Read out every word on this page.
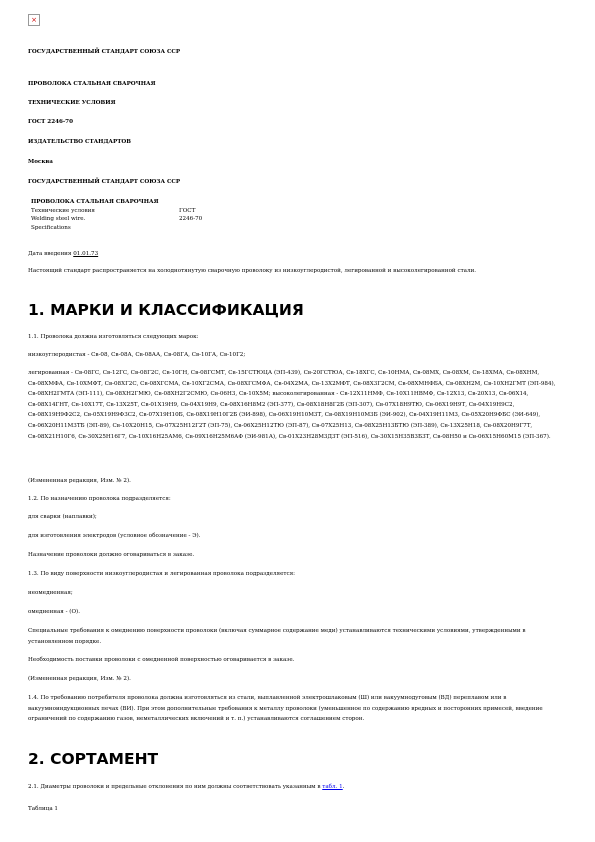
×
ГОСУДАРСТВЕННЫЙ СТАНДАРТ СОЮЗА ССР
ПРОВОЛОКА СТАЛЬНАЯ СВАРОЧНАЯ
ТЕХНИЧЕСКИЕ УСЛОВИЯ
ГОСТ 2246-70
ИЗДАТЕЛЬСТВО СТАНДАРТОВ
Москва
ГОСУДАРСТВЕННЫЙ СТАНДАРТ СОЮЗА ССР
ПРОВОЛОКА СТАЛЬНАЯ СВАРОЧНАЯ	
Технические условия	ГОСТ
Welding steel wire.	2246-70
Specifications	
Дата введения 01.01.73
Настоящий стандарт распространяется на холоднотянутую сварочную проволоку из низкоуглеродистой, легированной и высоколегированной стали.
1. МАРКИ И КЛАССИФИКАЦИЯ
1.1. Проволока должна изготовляться следующих марок:
низкоуглеродистая - Св-08, Св-08А, Св-08АА, Св-08ГА, Св-10ГА, Св-10Г2;
легированная - Св-08ГС, Св-12ГС, Св-08Г2С, Св-10ГН, Св-08ГСМТ, Св-15ГСТЮЦА (ЭП-439), Св-20ГСТЮА, Св-18ХГС, Св-10НМА, Св-08МХ, Св-08ХМ, Св-18ХМА, Св-08ХНМ, Св-08ХМФА, Св-10ХМФТ, Св-08ХГ2С, Св-08ХГСМА, Св-10ХГ2СМА, Св-08ХГСМФА, Св-04Х2МА, Св-13Х2МФТ, Св-08Х3Г2СМ, Св-08ХМНФБА, Св-08ХН2М, Св-10ХН2ГМТ (ЭП-984), Св-08ХН2ГМТА (ЭП-111), Св-08ХН2ГМЮ, Св-08ХН2Г2СМЮ, Св-06Н3, Св-10Х5М; высоколегированная - Св-12Х11НМФ, Св-10Х11НВМФ, Св-12Х13, Св-20Х13, Св-06Х14, Св-08Х14ГНТ, Св-10Х17Т, Св-13Х25Т, Св-01Х19Н9, Св-04Х19Н9, Св-08Х16Н8М2 (ЭП-377), Св-08Х18Н8Г2Б (ЭП-307), Св-07Х18Н9ТЮ, Св-06Х19Н9Т, Св-04Х19Н9С2, Св-08Х19Н9Ф2С2, Св-05Х19Н9Ф3С2, Св-07Х19Н10Б, Св-08Х19Н10Г2Б (ЭИ-898), Св-06Х19Н10М3Т, Св-08Х19Н10М3Б (ЭИ-902), Св-04Х19Н11М3, Св-05Х20Н9ФБС (ЭИ-649), Св-06Х20Н11М3ТБ (ЭП-89), Св-10Х20Н15, Св-07Х25Н12Г2Т (ЭП-75), Св-06Х25Н12ТЮ (ЭП-87), Св-07Х25Н13, Св-08Х25Н13БТЮ (ЭП-389), Св-13Х25Н18, Св-08Х20Н9Г7Т, Св-08Х21Н10Г6, Св-30Х25Н16Г7, Св-10Х16Н25АМ6, Св-09Х16Н25М6АФ (ЭИ-981А), Св-01Х23Н28М3Д3Т (ЭП-516), Св-30Х15Н35В3Б3Т, Св-08Н50 и Св-06Х15Н60М15 (ЭП-367).
(Измененная редакция, Изм. № 2).
1.2. По назначению проволока подразделяется:
для сварки (наплавки);
для изготовления электродов (условное обозначение - Э).
Назначение проволоки должно оговариваться в заказе.
1.3. По виду поверхности низкоуглеродистая и легированная проволока подразделяется:
неомедненная;
омедненная - (О).
Специальные требования к омеднению поверхности проволоки (включая суммарное содержание меди) устанавливаются техническими условиями, утвержденными в установленном порядке.
Необходимость поставки проволоки с омедненной поверхностью оговаривается в заказе.
(Измененная редакция, Изм. № 2).
1.4. По требованию потребителя проволока должна изготовляться из стали, выплавленной электрошлаковым (Ш) или вакуумнодуговым (ВД) переплавом или в вакуумноиндукционных печах (ВИ). При этом дополнительные требования к металлу проволоки (уменьшенное по содержанию вредных и посторонних примесей, введение ограничений по содержанию газов, неметаллических включений и т. п.) устанавливаются соглашением сторон.
2. СОРТАМЕНТ
2.1. Диаметры проволоки и предельные отклонения по ним должны соответствовать указанным в табл. 1.
Таблица 1
